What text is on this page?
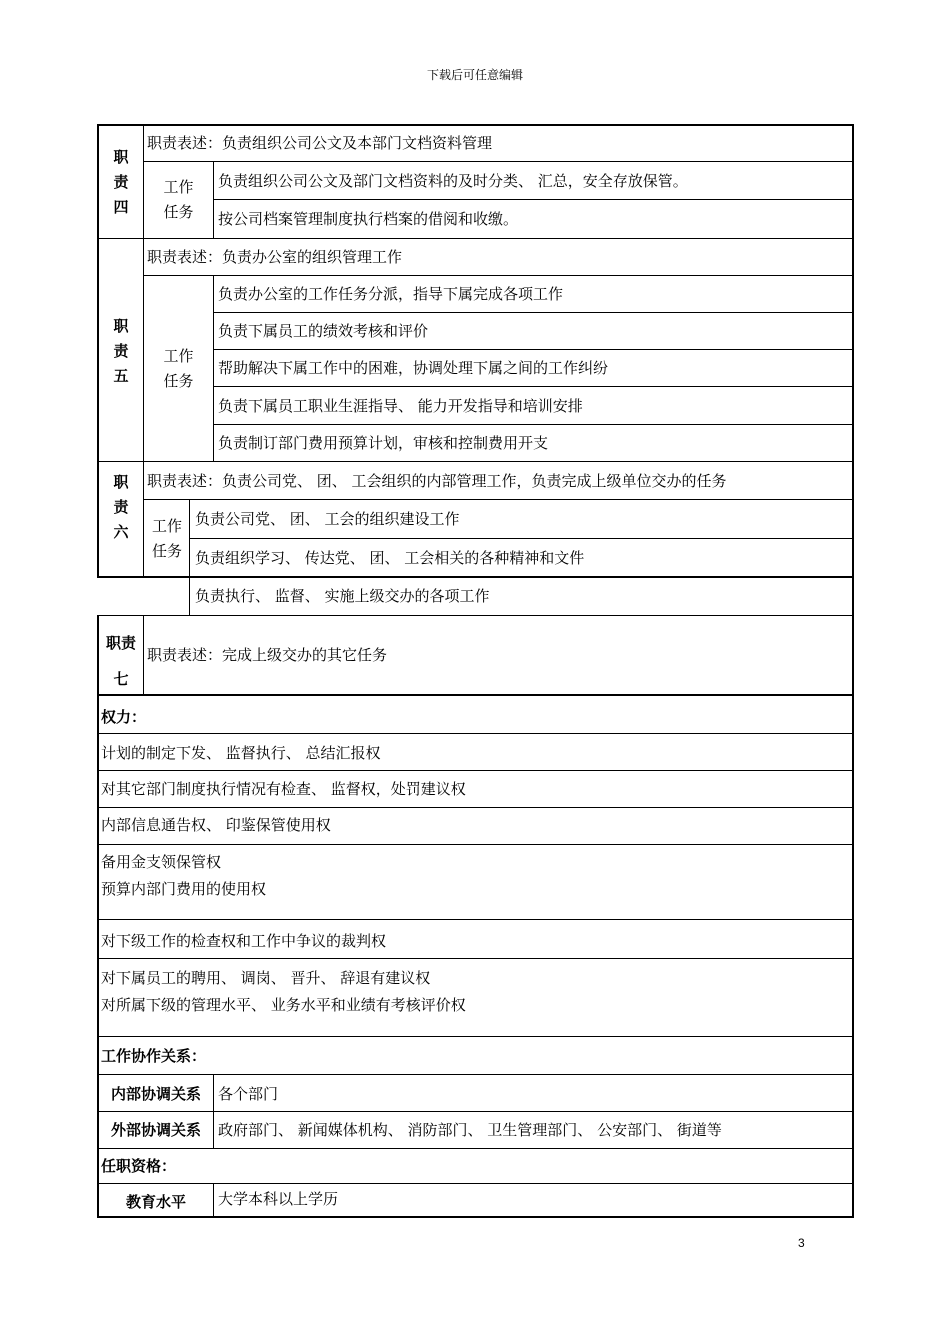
下载后可任意编辑
职
责
四
职责表述：负责组织公司公文及本部门文档资料管理
工作
任务
负责组织公司公文及部门文档资料的及时分类、 汇总，安全存放保管。
按公司档案管理制度执行档案的借阅和收缴。
职
责
五
职责表述：负责办公室的组织管理工作
工作
任务
负责办公室的工作任务分派，指导下属完成各项工作
负责下属员工的绩效考核和评价
帮助解决下属工作中的困难，协调处理下属之间的工作纠纷
负责下属员工职业生涯指导、 能力开发指导和培训安排
负责制订部门费用预算计划，审核和控制费用开支
职
责
六
职责表述：负责公司党、 团、 工会组织的内部管理工作，负责完成上级单位交办的任务
工作
任务
负责公司党、 团、 工会的组织建设工作
负责组织学习、 传达党、 团、 工会相关的各种精神和文件
负责执行、 监督、 实施上级交办的各项工作
职责
七
职责表述：完成上级交办的其它任务
权力：
计划的制定下发、 监督执行、 总结汇报权
对其它部门制度执行情况有检查、 监督权，处罚建议权
内部信息通告权、 印鉴保管使用权
备用金支领保管权
预算内部门费用的使用权
对下级工作的检查权和工作中争议的裁判权
对下属员工的聘用、 调岗、 晋升、 辞退有建议权
对所属下级的管理水平、 业务水平和业绩有考核评价权
工作协作关系：
内部协调关系	各个部门
外部协调关系	政府部门、 新闻媒体机构、 消防部门、 卫生管理部门、 公安部门、 街道等
任职资格：
教育水平	大学本科以上学历
3
